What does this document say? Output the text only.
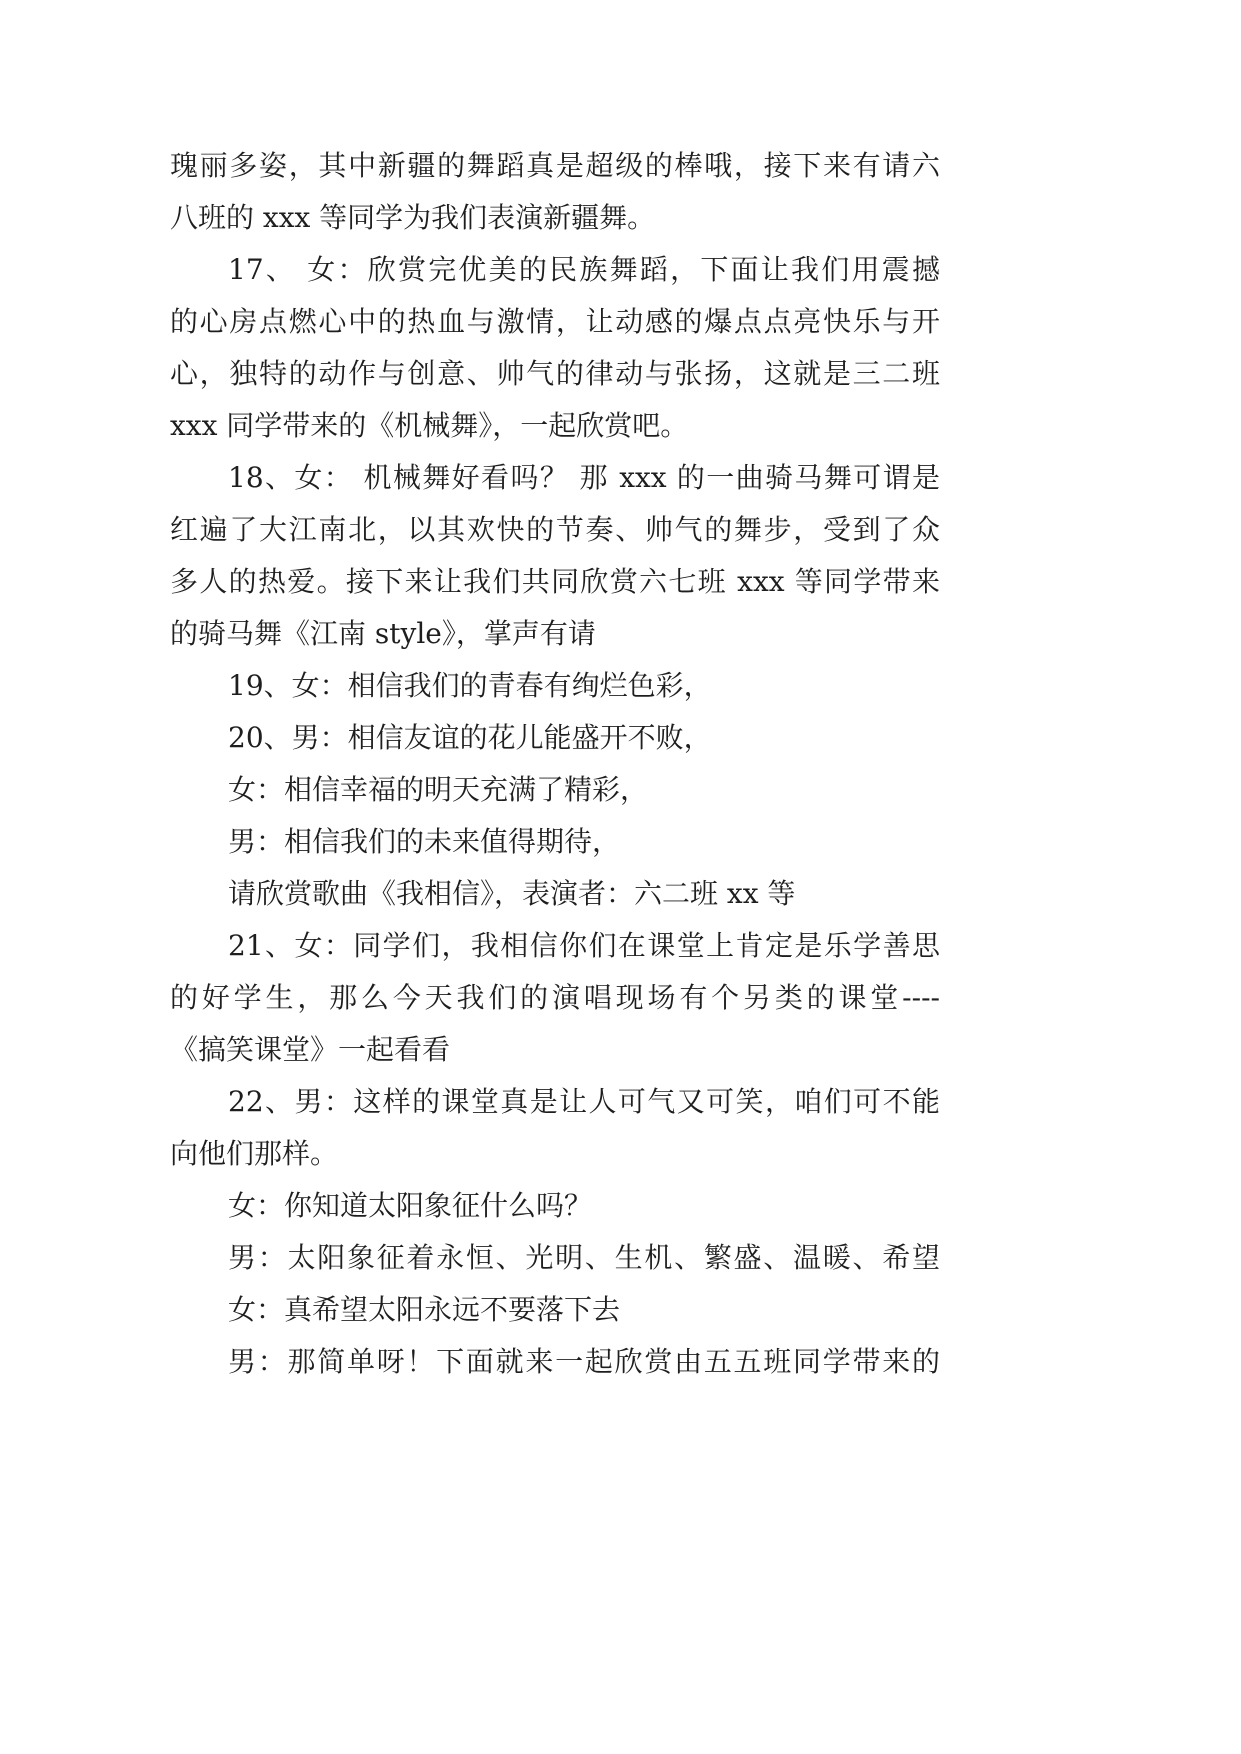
瑰丽多姿，其中新疆的舞蹈真是超级的棒哦，接下来有请六
八班的 xxx 等同学为我们表演新疆舞。
17、 女：欣赏完优美的民族舞蹈，下面让我们用震撼
的心房点燃心中的热血与激情，让动感的爆点点亮快乐与开
心，独特的动作与创意、帅气的律动与张扬，这就是三二班
xxx 同学带来的《机械舞》，一起欣赏吧。
18、女： 机械舞好看吗？ 那 xxx 的一曲骑马舞可谓是
红遍了大江南北，以其欢快的节奏、帅气的舞步，受到了众
多人的热爱。接下来让我们共同欣赏六七班 xxx 等同学带来
的骑马舞《江南 style》，掌声有请
19、女：相信我们的青春有绚烂色彩，
20、男：相信友谊的花儿能盛开不败，
女：相信幸福的明天充满了精彩，
男：相信我们的未来值得期待，
请欣赏歌曲《我相信》，表演者：六二班 xx 等
21、女：同学们，我相信你们在课堂上肯定是乐学善思
的好学生，那么今天我们的演唱现场有个另类的课堂----
《搞笑课堂》一起看看
22、男：这样的课堂真是让人可气又可笑，咱们可不能
向他们那样。
女：你知道太阳象征什么吗？
男：太阳象征着永恒、光明、生机、繁盛、温暖、希望
女：真希望太阳永远不要落下去
男：那简单呀！下面就来一起欣赏由五五班同学带来的
